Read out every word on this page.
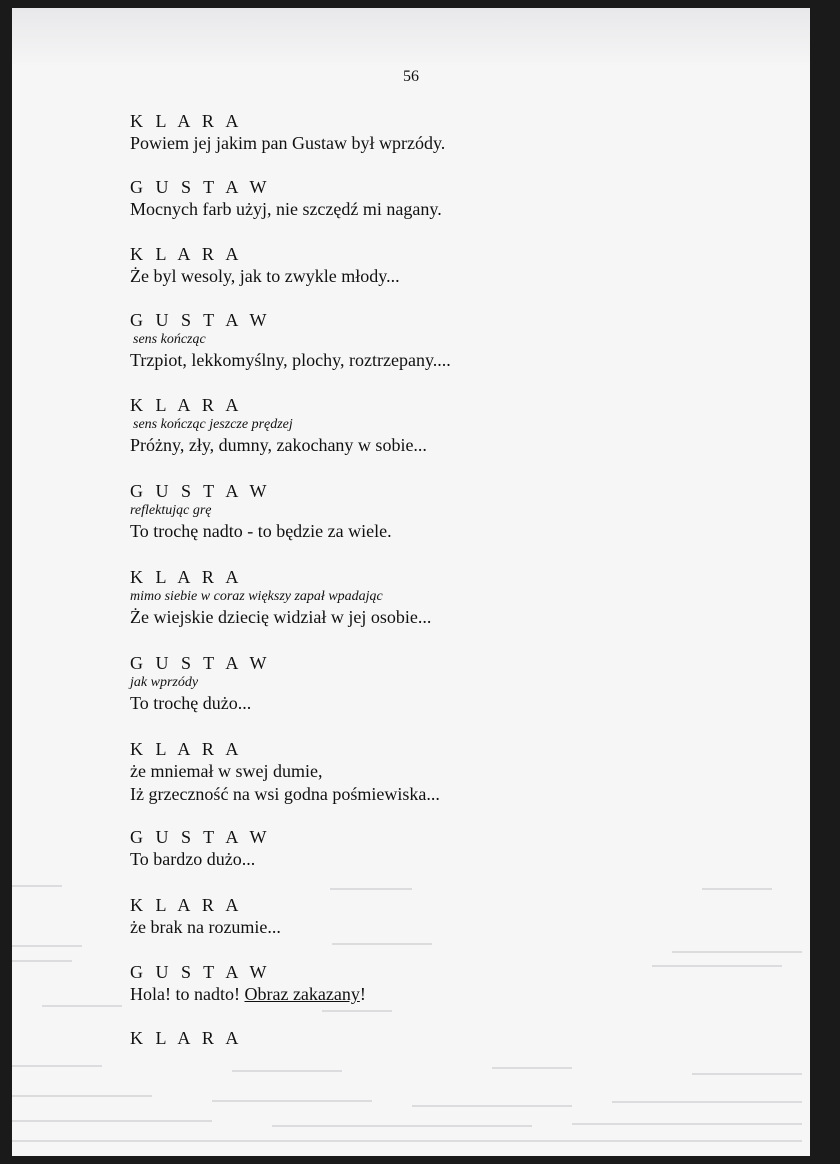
56
K L A R A
Powiem jej jakim pan Gustaw był wprzódy.
G U S T A W
Mocnych farb użyj, nie szczędź mi nagany.
K L A R A
Że byl wesoly, jak to zwykle młody...
G U S T A W
sens kończąc
Trzpiot, lekkomyślny, plochy, roztrzepany....
K L A R A
sens kończąc jeszcze prędzej
Próżny, zły, dumny, zakochany w sobie...
G U S T A W
reflektując grę
To trochę nadto - to będzie za wiele.
K L A R A
mimo siebie w coraz większy zapał wpadając
Że wiejskie dziecię widział w jej osobie...
G U S T A W
jak wprzódy
To trochę dużo...
K L A R A
że mniemał w swej dumie,
Iż grzeczność na wsi godna pośmiewiska...
G U S T A W
To bardzo dużo...
K L A R A
że brak na rozumie...
G U S T A W
Hola! to nadto! Obraz zakazany!
K L A R A
